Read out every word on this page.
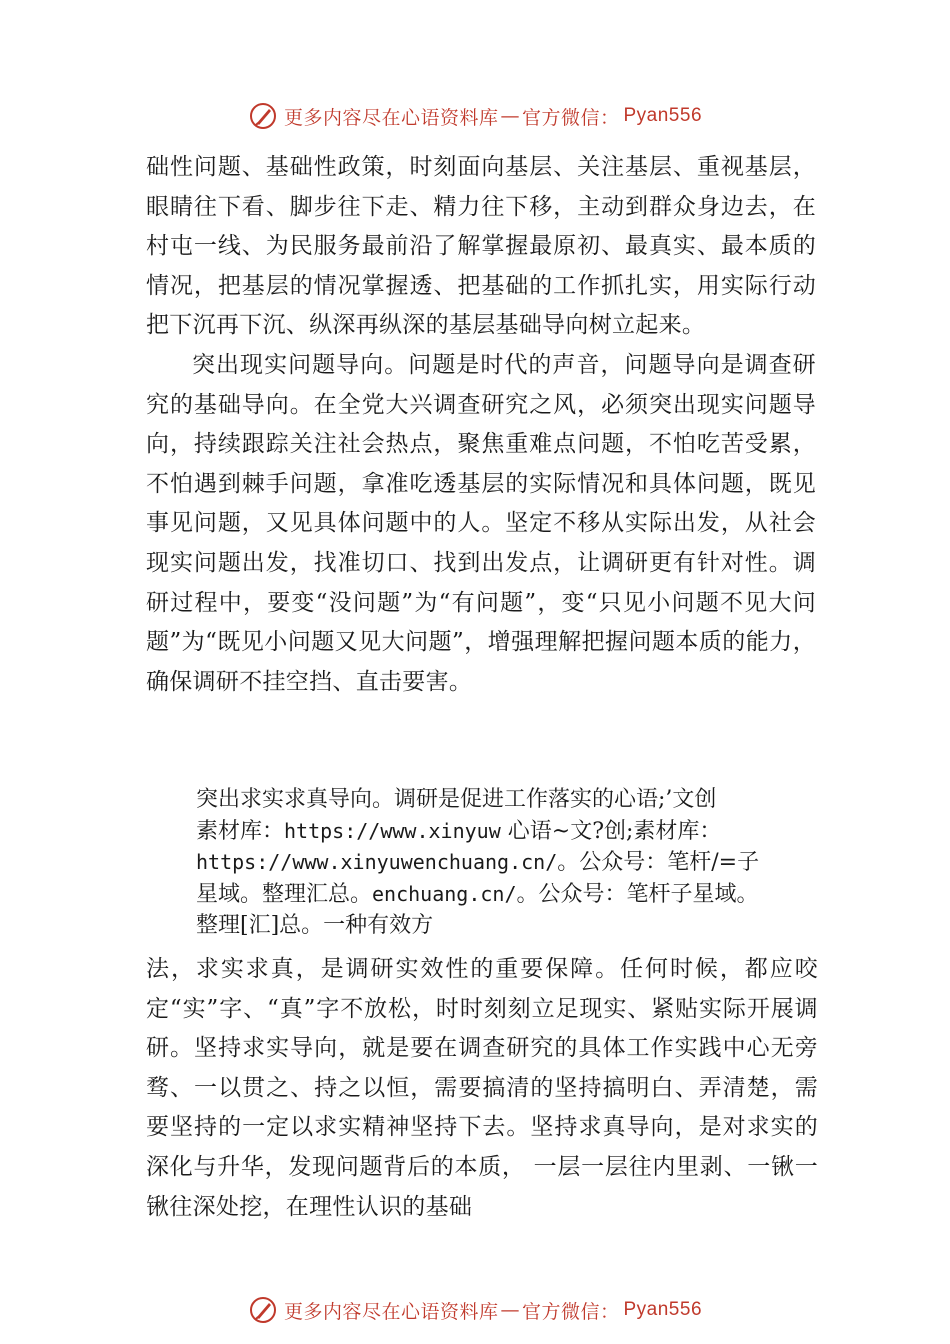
更多内容尽在心语资料库 — 官方微信： Pyan556

础性问题、基础性政策，时刻面向基层、关注基层、重视基层，眼睛往下看、脚步往下走、精力往下移，主动到群众身边去，在村屯一线、为民服务最前沿了解掌握最原初、最真实、最本质的情况，把基层的情况掌握透、把基础的工作抓扎实，用实际行动把下沉再下沉、纵深再纵深的基层基础导向树立起来。

突出现实问题导向。问题是时代的声音，问题导向是调查研究的基础导向。在全党大兴调查研究之风，必须突出现实问题导向，持续跟踪关注社会热点，聚焦重难点问题，不怕吃苦受累，不怕遇到棘手问题，拿准吃透基层的实际情况和具体问题，既见事见问题，又见具体问题中的人。坚定不移从实际出发，从社会现实问题出发，找准切口、找到出发点，让调研更有针对性。调研过程中，要变“没问题”为“有问题”，变“只见小问题不见大问题”为“既见小问题又见大问题”，增强理解把握问题本质的能力，确保调研不挂空挡、直击要害。

突出求实求真导向。调研是促进工作落实的心语;’文创

素材库：https://www.xinyuw 心语~文?创;素材库：

https://www.xinyuwenchuang.cn/。公众号：笔杆/=子

星域。整理汇总。enchuang.cn/。公众号：笔杆子星域。

整理[汇]总。一种有效方

法，求实求真，是调研实效性的重要保障。任何时候，都应咬定“实”字、“真”字不放松，时时刻刻立足现实、紧贴实际开展调研。坚持求实导向，就是要在调查研究的具体工作实践中心无旁骛、一以贯之、持之以恒，需要搞清的坚持搞明白、弄清楚，需要坚持的一定以求实精神坚持下去。坚持求真导向，是对求实的深化与升华，发现问题背后的本质， 一层一层往内里剥、一锹一锹往深处挖，在理性认识的基础

更多内容尽在心语资料库 — 官方微信： Pyan556
